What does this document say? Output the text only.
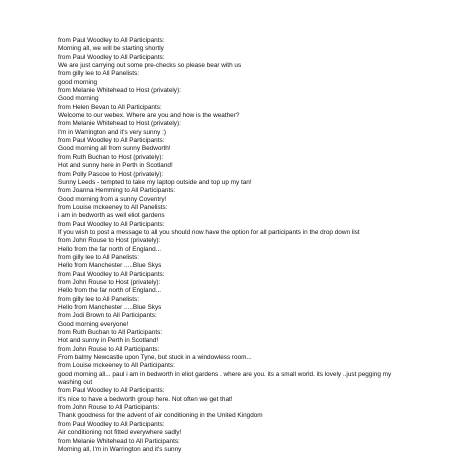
from Paul Woodley to All Participants:
Morning all, we will be starting shortly
from Paul Woodley to All Participants:
We are just carrying out some pre-checks so please bear with us
from gilly lee to All Panelists:
good morning
from Melanie Whitehead to Host (privately):
Good morning
from Helen Bevan to All Participants:
Welcome to our webex. Where are you and how is the weather?
from Melanie Whitehead to Host (privately):
I'm in Warrington and it's very sunny :)
from Paul Woodley to All Participants:
Good morning all from sunny Bedworth!
from Ruth Buchan to Host (privately):
Hot and sunny here in Perth in Scotland!
from Polly Pascoe to Host (privately):
Sunny Leeds - tempted to take my laptop outside and top up my tan!
from Joanna Hemming to All Participants:
Good morning from a sunny Coventry!
from Louise mckeeney to All Panelists:
i am in bedworth as well eliot gardens
from Paul Woodley to All Participants:
If you wish to post a message to all you should now have the option for all participants in the drop down list
from John Rouse to Host (privately):
Hello from the far north of England...
from gilly lee to All Panelists:
Hello from Manchester .....Blue Skys
from Paul Woodley to All Participants:
from John Rouse to Host (privately):
Hello from the far north of England...
from gilly lee to All Panelists:
Hello from Manchester .....Blue Skys
from Jodi Brown to All Participants:
Good morning everyone!
from Ruth Buchan to All Participants:
Hot and sunny in Perth in Scotland!
from John Rouse to All Participants:
From balmy Newcastle upon Tyne, but stuck in a windowless room...
from Louise mckeeney to All Participants:
good morning all... paul i am in bedworth in eliot gardens . where are you. its a small world. its lovely ..just pegging my washing out
from Paul Woodley to All Participants:
It's nice to have a bedworth group here. Not often we get that!
from John Rouse to All Participants:
Thank goodness for the advent of air conditioning in the United Kingdom
from Paul Woodley to All Participants:
Air conditioning not fitted everywhere sadly!
from Melanie Whitehead to All Participants:
Morning all, I'm in Warrington and it's sunny
